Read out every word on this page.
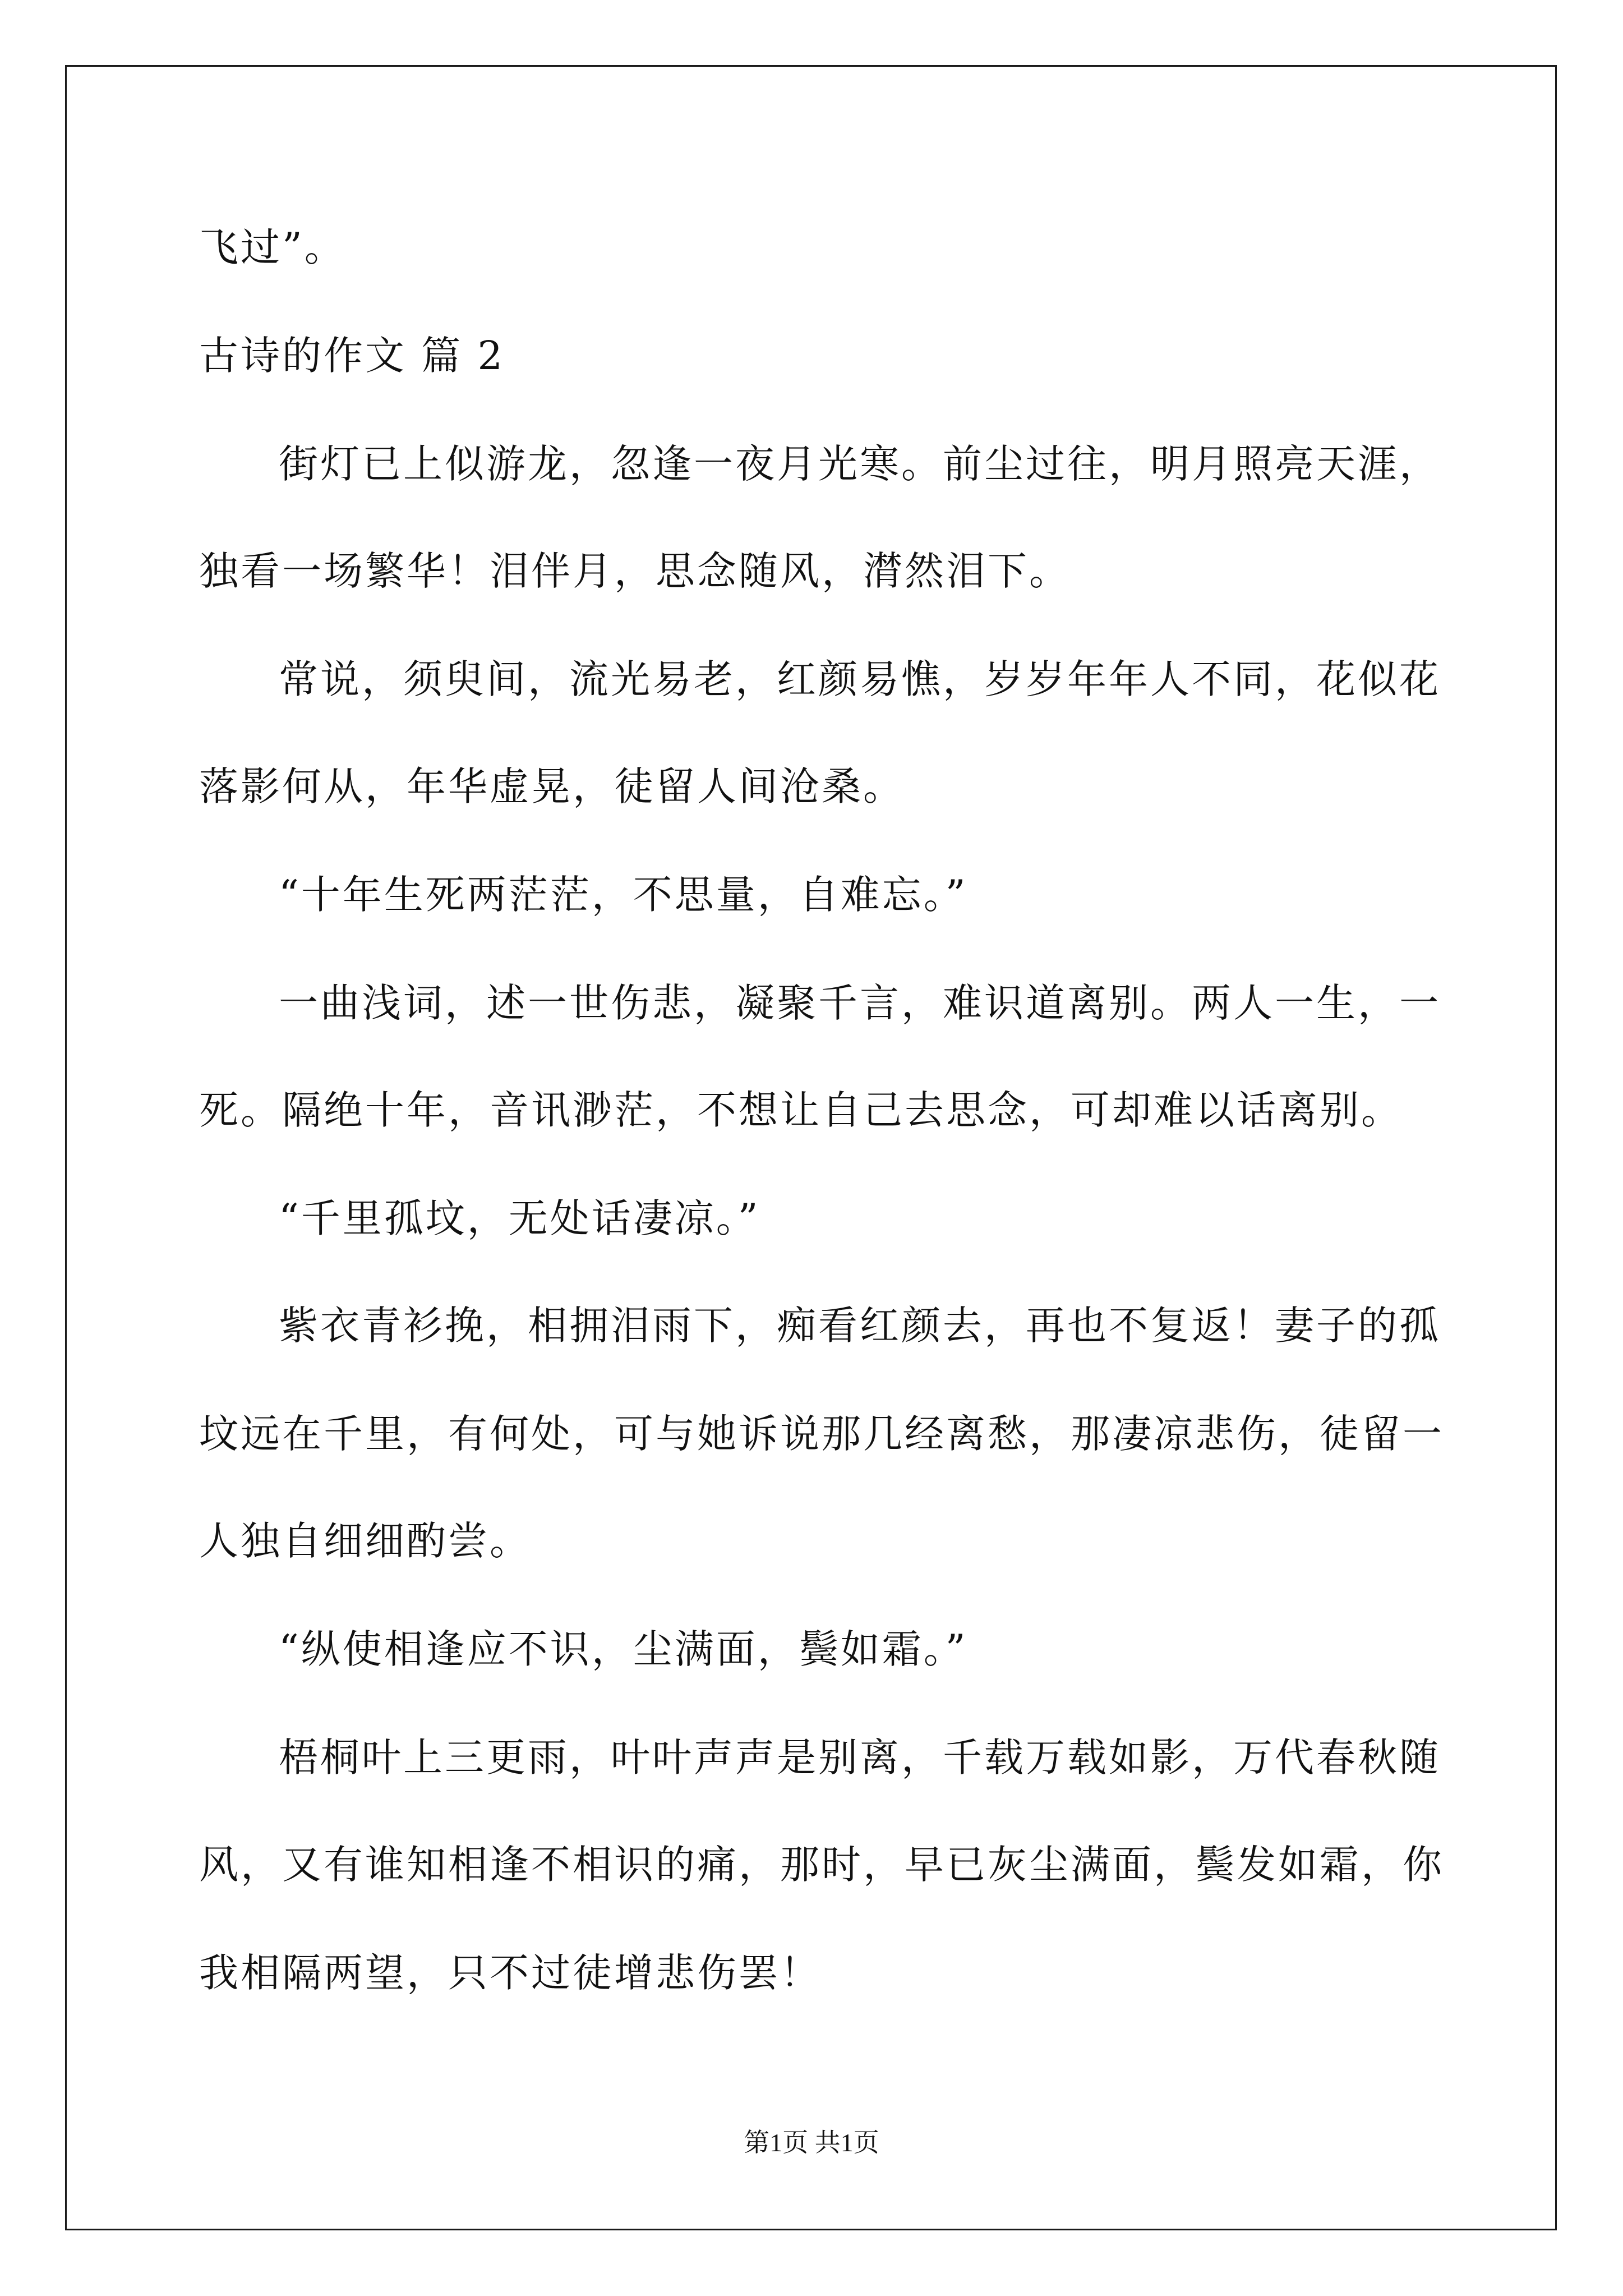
飞过”。
古诗的作文 篇 2
街灯已上似游龙，忽逢一夜月光寒。前尘过往，明月照亮天涯，
独看一场繁华！泪伴月，思念随风，潸然泪下。
常说，须臾间，流光易老，红颜易憔，岁岁年年人不同，花似花
落影何从，年华虚晃，徒留人间沧桑。
“十年生死两茫茫，不思量，自难忘。”
一曲浅词，述一世伤悲，凝聚千言，难识道离别。两人一生，一
死。隔绝十年，音讯渺茫，不想让自己去思念，可却难以话离别。
“千里孤坟，无处话凄凉。”
紫衣青衫挽，相拥泪雨下，痴看红颜去，再也不复返！妻子的孤
坟远在千里，有何处，可与她诉说那几经离愁，那凄凉悲伤，徒留一
人独自细细酌尝。
“纵使相逢应不识，尘满面，鬓如霜。”
梧桐叶上三更雨，叶叶声声是别离，千载万载如影，万代春秋随
风，又有谁知相逢不相识的痛，那时，早已灰尘满面，鬓发如霜，你
我相隔两望，只不过徒增悲伤罢！
第1页 共1页
